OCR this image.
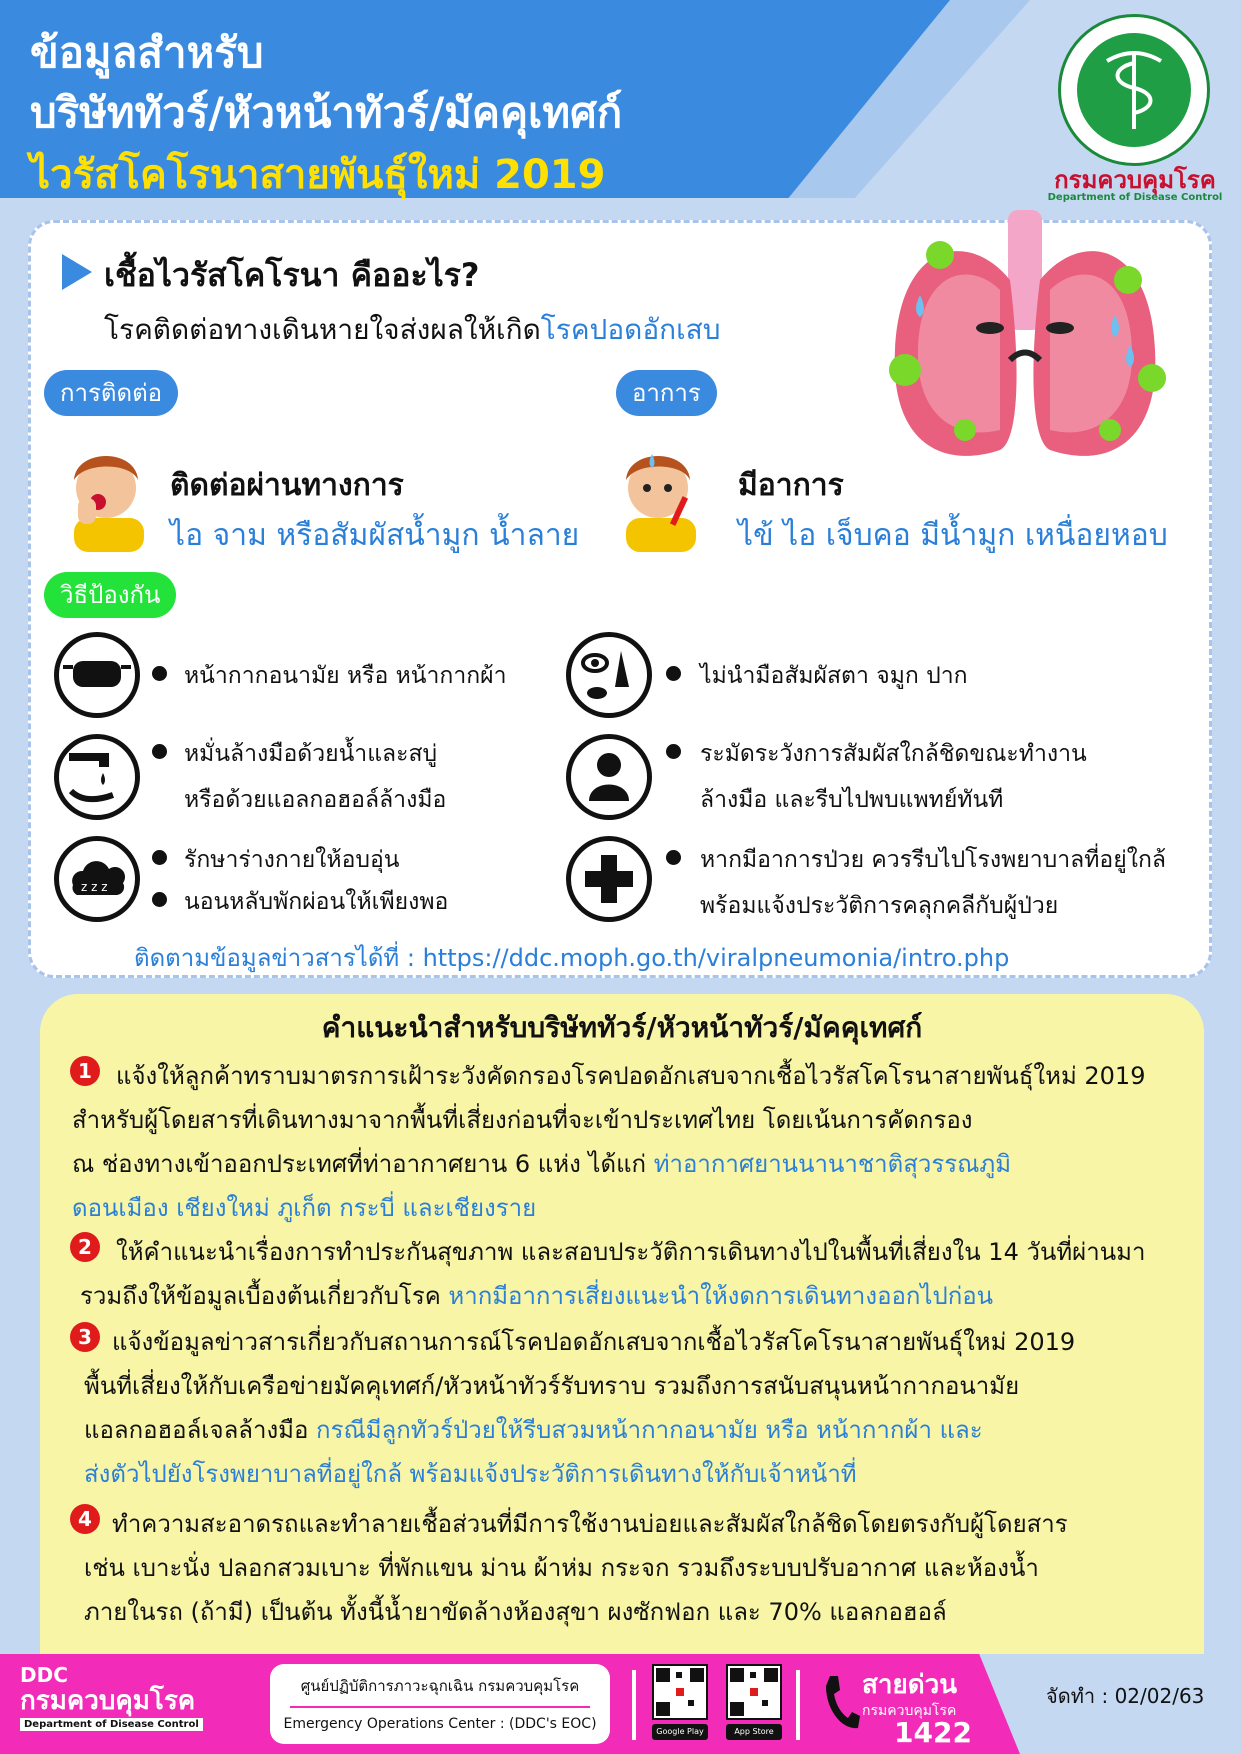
ข้อมูลสำหรับ
บริษัททัวร์/หัวหน้าทัวร์/มัคคุเทศก์
ไวรัสโคโรนาสายพันธุ์ใหม่ 2019	กรมควบคุมโรค
Department of Disease Control
เชื้อไวรัสโคโรนา คืออะไร?
โรคติดต่อทางเดินหายใจส่งผลให้เกิดโรคปอดอักเสบ
การติดต่อ	อาการ
ติดต่อผ่านทางการ
ไอ จาม หรือสัมผัสน้ำมูก น้ำลาย
มีอาการ
ไข้ ไอ เจ็บคอ มีน้ำมูก เหนื่อยหอบ
วิธีป้องกัน
หน้ากากอนามัย หรือ หน้ากากผ้า	ไม่นำมือสัมผัสตา จมูก ปาก
หมั่นล้างมือด้วยน้ำและสบู่
หรือด้วยแอลกอฮอล์ล้างมือ
ระมัดระวังการสัมผัสใกล้ชิดขณะทำงาน
ล้างมือ และรีบไปพบแพทย์ทันที
z z z
รักษาร่างกายให้อบอุ่น
นอนหลับพักผ่อนให้เพียงพอ
หากมีอาการป่วย ควรรีบไปโรงพยาบาลที่อยู่ใกล้
พร้อมแจ้งประวัติการคลุกคลีกับผู้ป่วย
ติดตามข้อมูลข่าวสารได้ที่ : https://ddc.moph.go.th/viralpneumonia/intro.php
คำแนะนำสำหรับบริษัททัวร์/หัวหน้าทัวร์/มัคคุเทศก์
1	แจ้งให้ลูกค้าทราบมาตรการเฝ้าระวังคัดกรองโรคปอดอักเสบจากเชื้อไวรัสโคโรนาสายพันธุ์ใหม่ 2019
สำหรับผู้โดยสารที่เดินทางมาจากพื้นที่เสี่ยงก่อนที่จะเข้าประเทศไทย โดยเน้นการคัดกรอง
ณ ช่องทางเข้าออกประเทศที่ท่าอากาศยาน 6 แห่ง ได้แก่ ท่าอากาศยานนานาชาติสุวรรณภูมิ
ดอนเมือง เชียงใหม่ ภูเก็ต กระบี่ และเชียงราย
2	ให้คำแนะนำเรื่องการทำประกันสุขภาพ และสอบประวัติการเดินทางไปในพื้นที่เสี่ยงใน 14 วันที่ผ่านมา
รวมถึงให้ข้อมูลเบื้องต้นเกี่ยวกับโรค หากมีอาการเสี่ยงแนะนำให้งดการเดินทางออกไปก่อน
3 แจ้งข้อมูลข่าวสารเกี่ยวกับสถานการณ์โรคปอดอักเสบจากเชื้อไวรัสโคโรนาสายพันธุ์ใหม่ 2019
พื้นที่เสี่ยงให้กับเครือข่ายมัคคุเทศก์/หัวหน้าทัวร์รับทราบ รวมถึงการสนับสนุนหน้ากากอนามัย
แอลกอฮอล์เจลล้างมือ กรณีมีลูกทัวร์ป่วยให้รีบสวมหน้ากากอนามัย หรือ หน้ากากผ้า และ
ส่งตัวไปยังโรงพยาบาลที่อยู่ใกล้ พร้อมแจ้งประวัติการเดินทางให้กับเจ้าหน้าที่
4 ทำความสะอาดรถและทำลายเชื้อส่วนที่มีการใช้งานบ่อยและสัมผัสใกล้ชิดโดยตรงกับผู้โดยสาร
เช่น เบาะนั่ง ปลอกสวมเบาะ ที่พักแขน ม่าน ผ้าห่ม กระจก รวมถึงระบบปรับอากาศ และห้องน้ำ
ภายในรถ (ถ้ามี) เป็นต้น ทั้งนี้น้ำยาขัดล้างห้องสุขา ผงซักฟอก และ 70% แอลกอฮอล์
DDC
กรมควบคุมโรค
Department of Disease Control
ศูนย์ปฏิบัติการภาวะฉุกเฉิน กรมควบคุมโรค
Emergency Operations Center : (DDC's EOC)	Google Play	App Store
สายด่วน
กรมควบคุมโรค
1422
จัดทำ : 02/02/63
